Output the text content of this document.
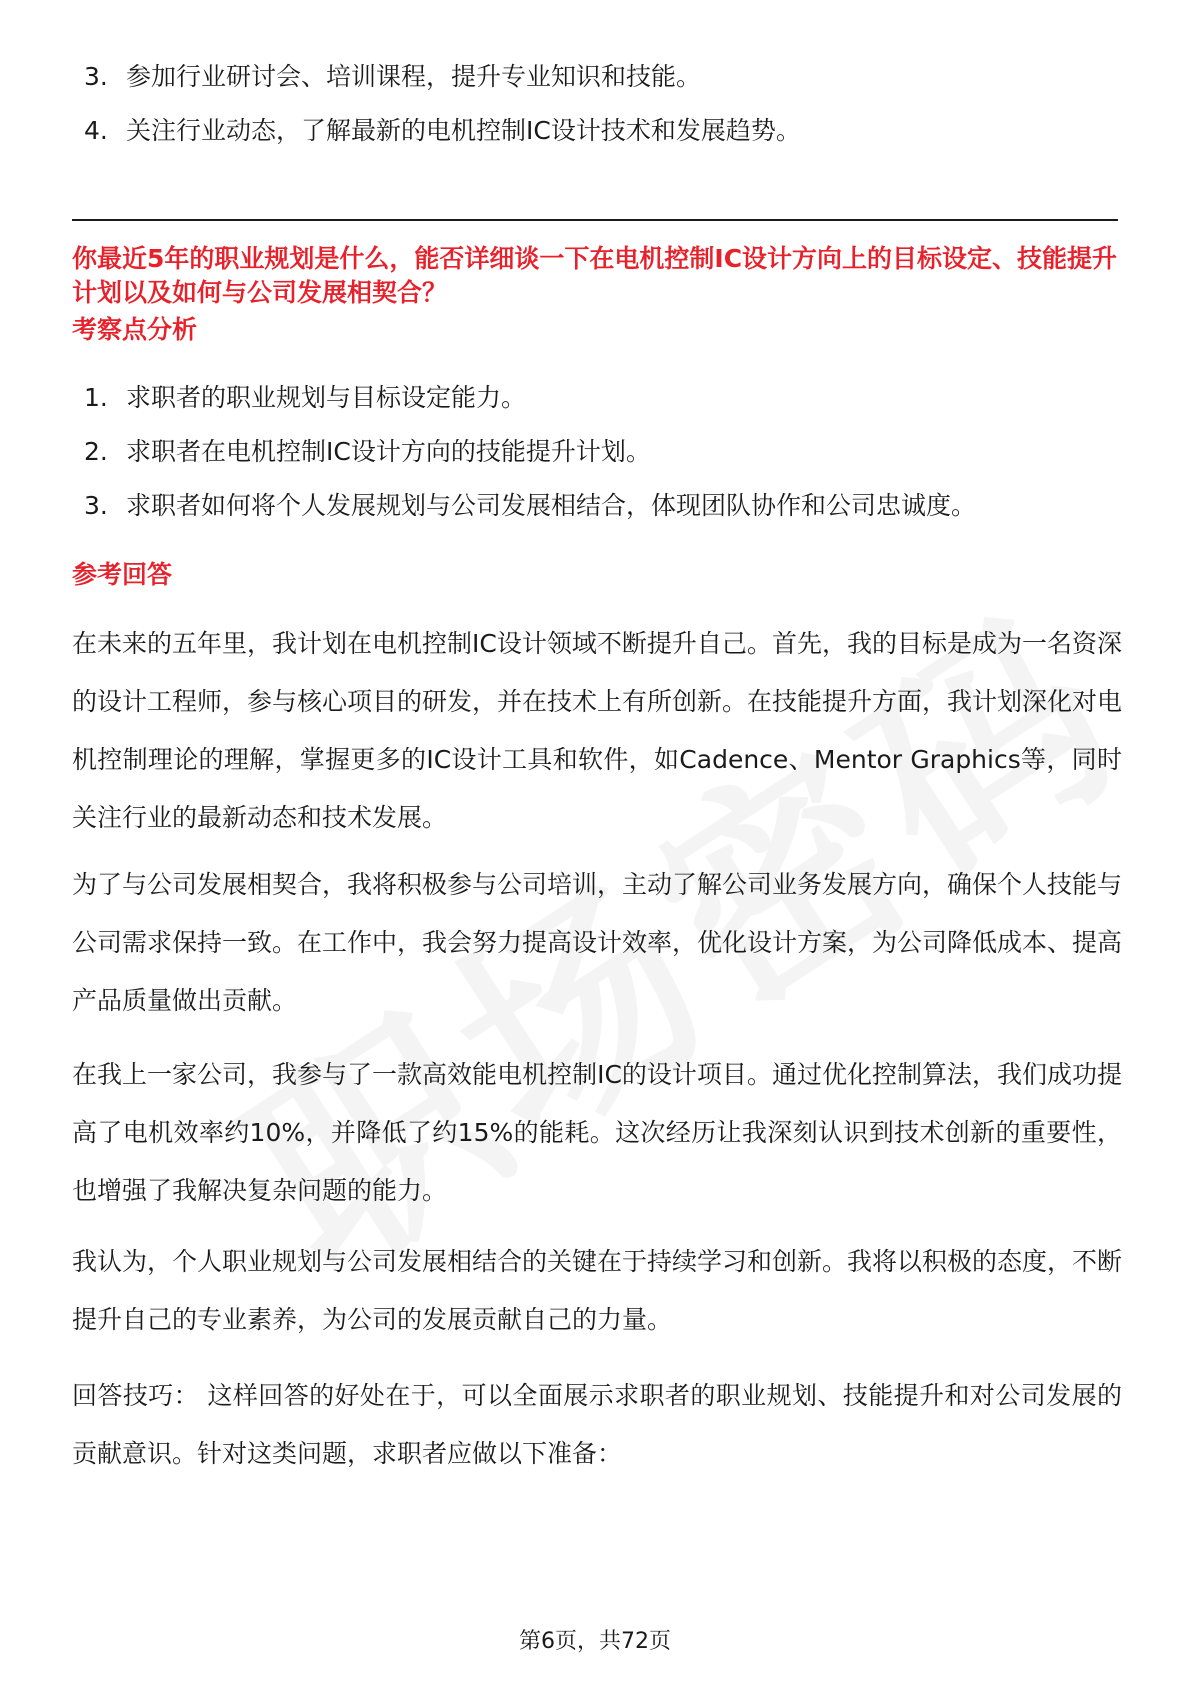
3. 参加行业研讨会、培训课程，提升专业知识和技能。
4. 关注行业动态，了解最新的电机控制IC设计技术和发展趋势。

你最近5年的职业规划是什么，能否详细谈一下在电机控制IC设计方向上的目标设定、技能提升计划以及如何与公司发展相契合？

考察点分析

1. 求职者的职业规划与目标设定能力。
2. 求职者在电机控制IC设计方向的技能提升计划。
3. 求职者如何将个人发展规划与公司发展相结合，体现团队协作和公司忠诚度。

参考回答

在未来的五年里，我计划在电机控制IC设计领域不断提升自己。首先，我的目标是成为一名资深的设计工程师，参与核心项目的研发，并在技术上有所创新。在技能提升方面，我计划深化对电机控制理论的理解，掌握更多的IC设计工具和软件，如Cadence、Mentor Graphics等，同时关注行业的最新动态和技术发展。

为了与公司发展相契合，我将积极参与公司培训，主动了解公司业务发展方向，确保个人技能与公司需求保持一致。在工作中，我会努力提高设计效率，优化设计方案，为公司降低成本、提高产品质量做出贡献。

在我上一家公司，我参与了一款高效能电机控制IC的设计项目。通过优化控制算法，我们成功提高了电机效率约10%，并降低了约15%的能耗。这次经历让我深刻认识到技术创新的重要性，也增强了我解决复杂问题的能力。

我认为，个人职业规划与公司发展相结合的关键在于持续学习和创新。我将以积极的态度，不断提升自己的专业素养，为公司的发展贡献自己的力量。

回答技巧： 这样回答的好处在于，可以全面展示求职者的职业规划、技能提升和对公司发展的贡献意识。针对这类问题，求职者应做以下准备：

第6页，共72页
